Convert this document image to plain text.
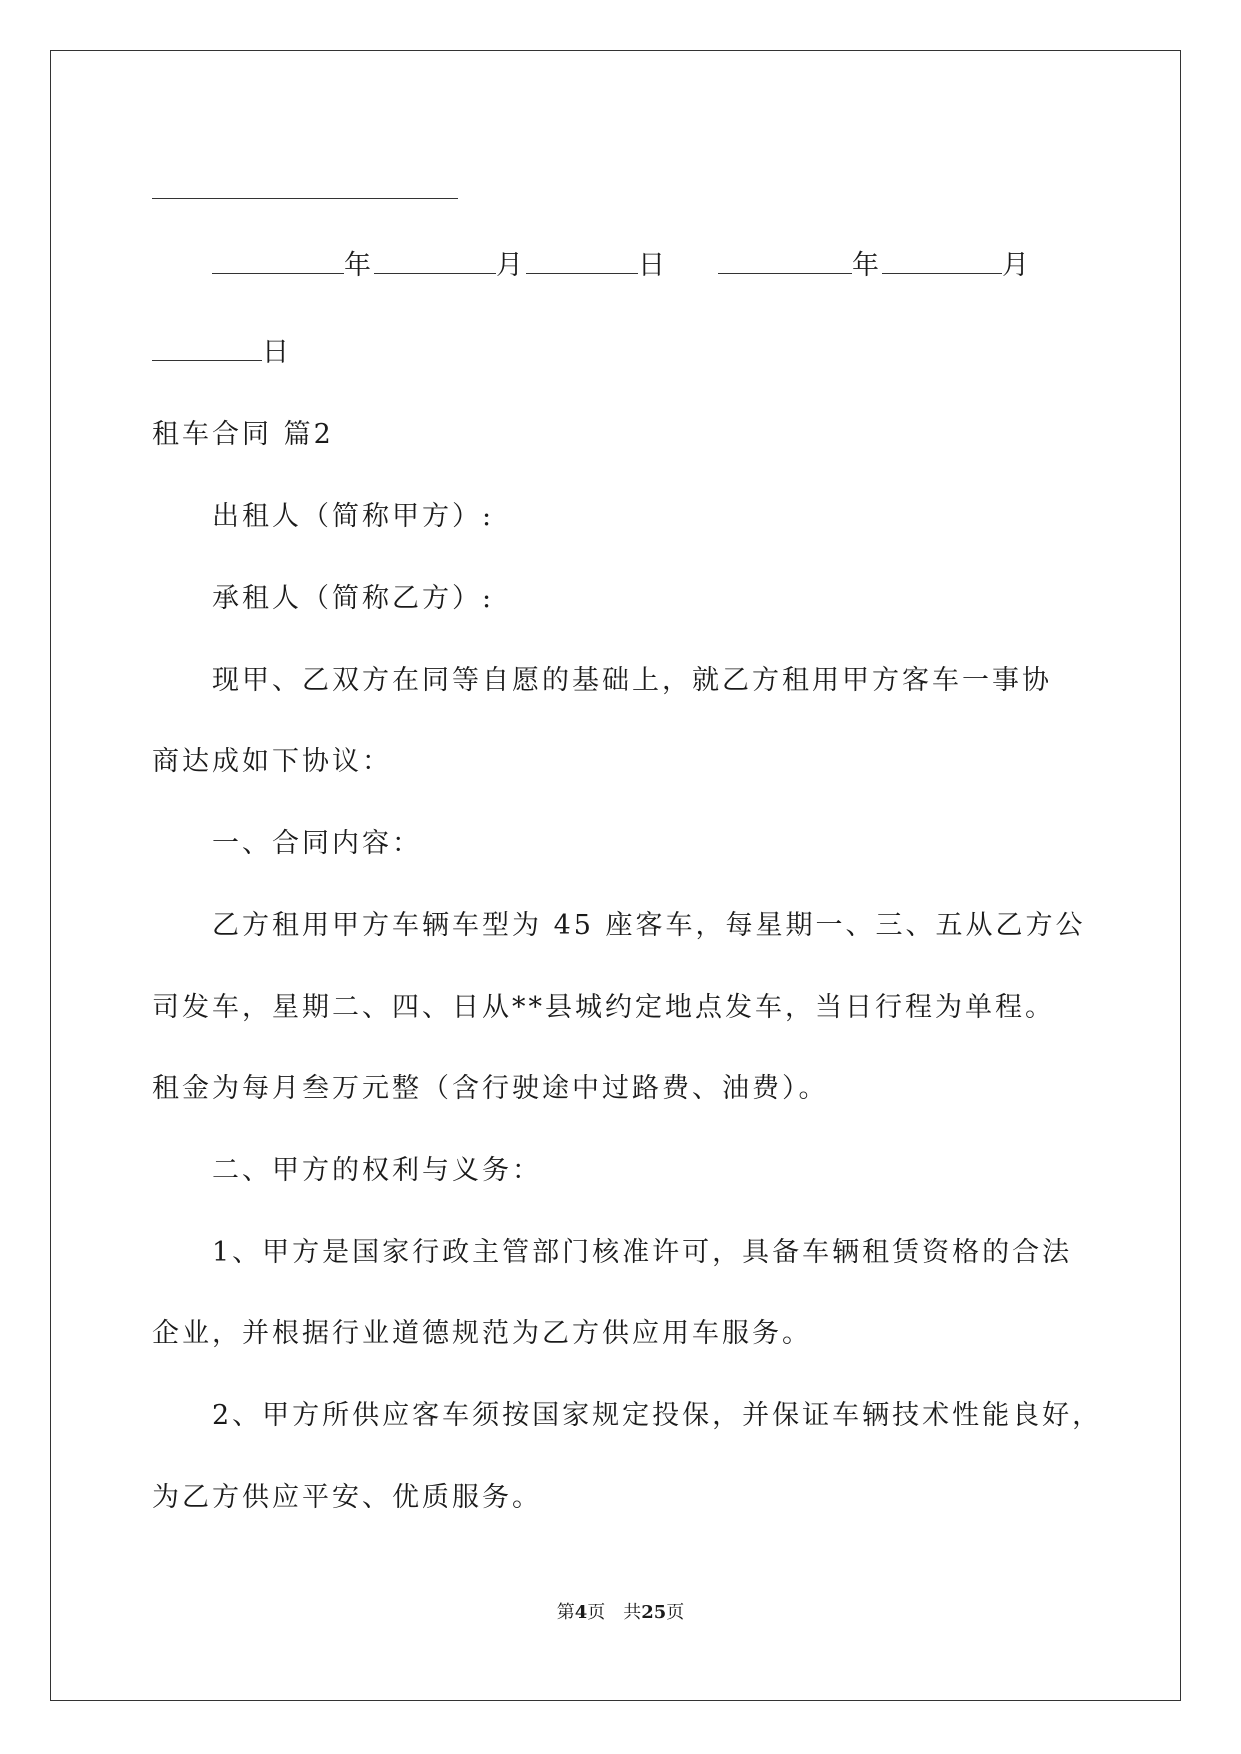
年	月	日	年	月
日
租车合同 篇2
出租人（简称甲方）:
承租人（简称乙方）:
现甲、乙双方在同等自愿的基础上，就乙方租用甲方客车一事协
商达成如下协议：
一、合同内容：
乙方租用甲方车辆车型为 45 座客车，每星期一、三、五从乙方公
司发车，星期二、四、日从**县城约定地点发车，当日行程为单程。
租金为每月叁万元整（含行驶途中过路费、油费）。
二、甲方的权利与义务：
1、甲方是国家行政主管部门核准许可，具备车辆租赁资格的合法
企业，并根据行业道德规范为乙方供应用车服务。
2、甲方所供应客车须按国家规定投保，并保证车辆技术性能良好，
为乙方供应平安、优质服务。
第4页　共25页
